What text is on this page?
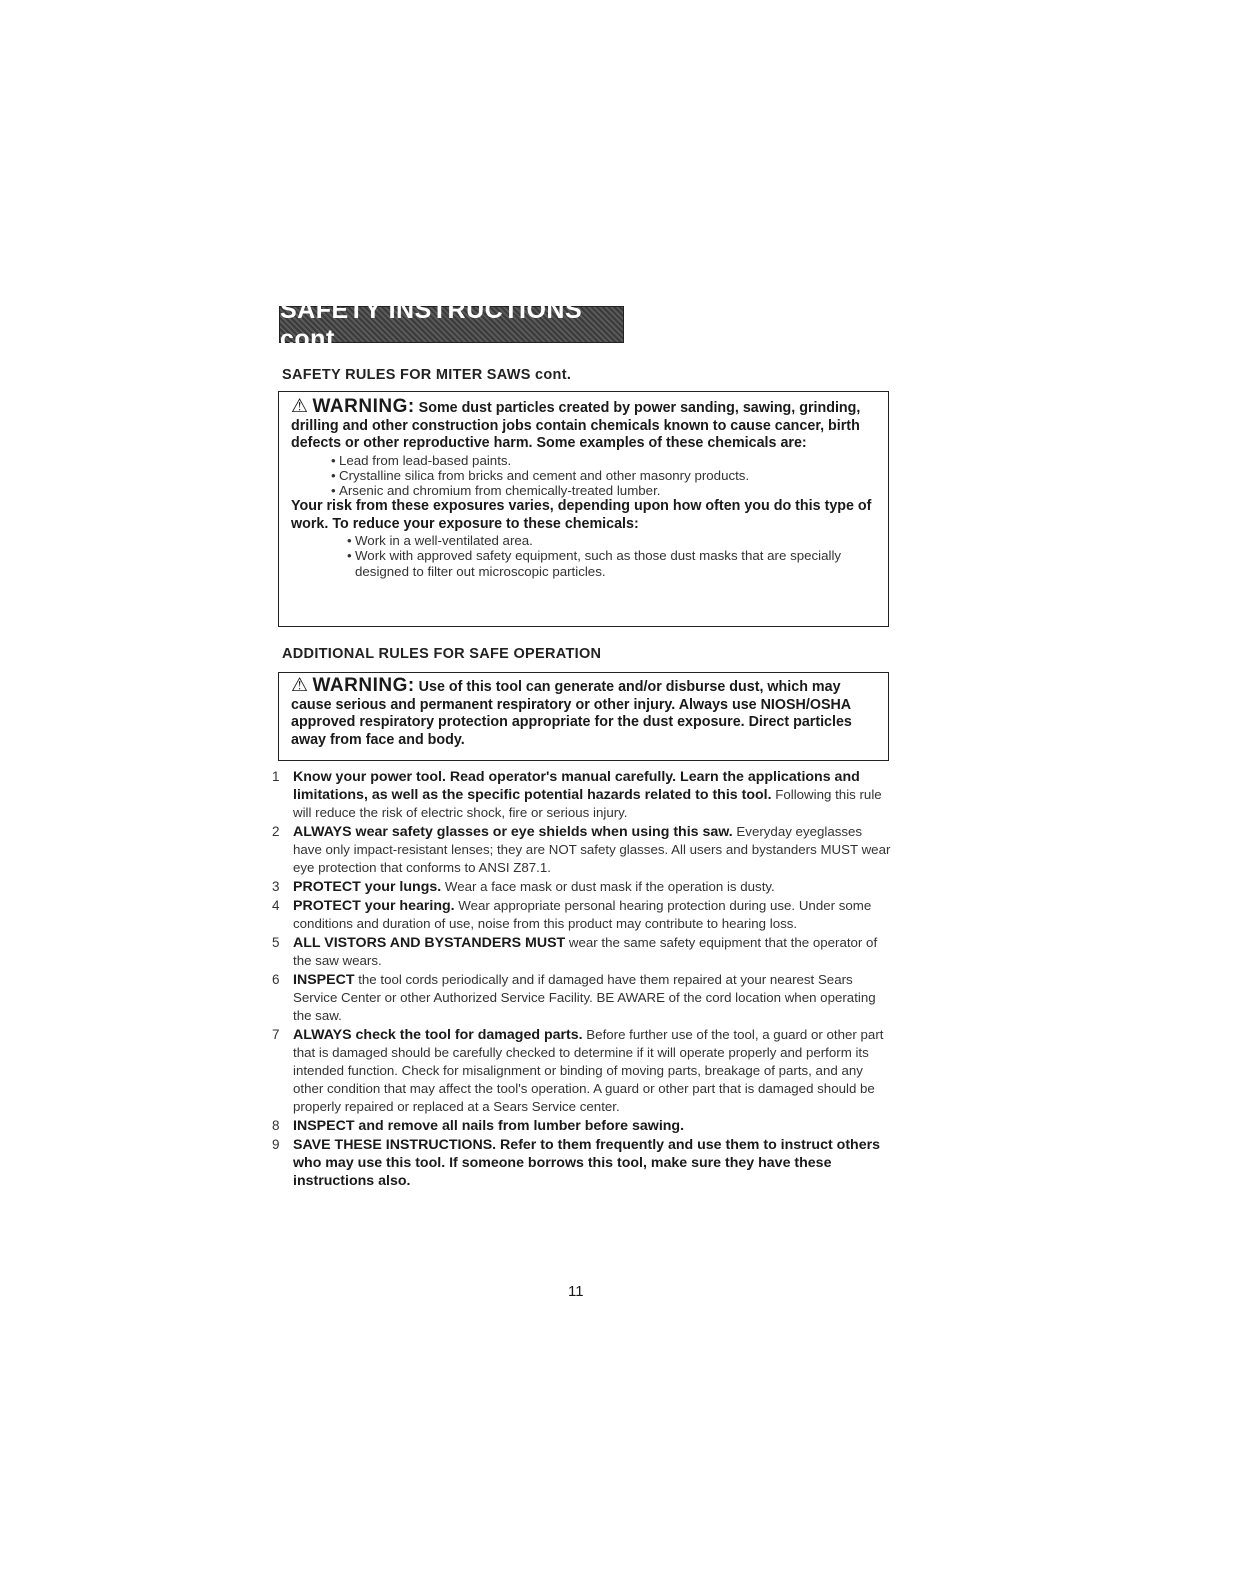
SAFETY INSTRUCTIONS cont.
SAFETY RULES FOR MITER SAWS cont.
⚠ WARNING: Some dust particles created by power sanding, sawing, grinding, drilling and other construction jobs contain chemicals known to cause cancer, birth defects or other reproductive harm. Some examples of these chemicals are:
• Lead from lead-based paints.
• Crystalline silica from bricks and cement and other masonry products.
• Arsenic and chromium from chemically-treated lumber.
Your risk from these exposures varies, depending upon how often you do this type of work. To reduce your exposure to these chemicals:
• Work in a well-ventilated area.
• Work with approved safety equipment, such as those dust masks that are specially designed to filter out microscopic particles.
ADDITIONAL RULES FOR SAFE OPERATION
⚠ WARNING: Use of this tool can generate and/or disburse dust, which may cause serious and permanent respiratory or other injury. Always use NIOSH/OSHA approved respiratory protection appropriate for the dust exposure. Direct particles away from face and body.
1 Know your power tool. Read operator's manual carefully. Learn the applications and limitations, as well as the specific potential hazards related to this tool. Following this rule will reduce the risk of electric shock, fire or serious injury.
2 ALWAYS wear safety glasses or eye shields when using this saw. Everyday eyeglasses have only impact-resistant lenses; they are NOT safety glasses. All users and bystanders MUST wear eye protection that conforms to ANSI Z87.1.
3 PROTECT your lungs. Wear a face mask or dust mask if the operation is dusty.
4 PROTECT your hearing. Wear appropriate personal hearing protection during use. Under some conditions and duration of use, noise from this product may contribute to hearing loss.
5 ALL VISTORS AND BYSTANDERS MUST wear the same safety equipment that the operator of the saw wears.
6 INSPECT the tool cords periodically and if damaged have them repaired at your nearest Sears Service Center or other Authorized Service Facility. BE AWARE of the cord location when operating the saw.
7 ALWAYS check the tool for damaged parts. Before further use of the tool, a guard or other part that is damaged should be carefully checked to determine if it will operate properly and perform its intended function. Check for misalignment or binding of moving parts, breakage of parts, and any other condition that may affect the tool's operation. A guard or other part that is damaged should be properly repaired or replaced at a Sears Service center.
8 INSPECT and remove all nails from lumber before sawing.
9 SAVE THESE INSTRUCTIONS. Refer to them frequently and use them to instruct others who may use this tool. If someone borrows this tool, make sure they have these instructions also.
11
